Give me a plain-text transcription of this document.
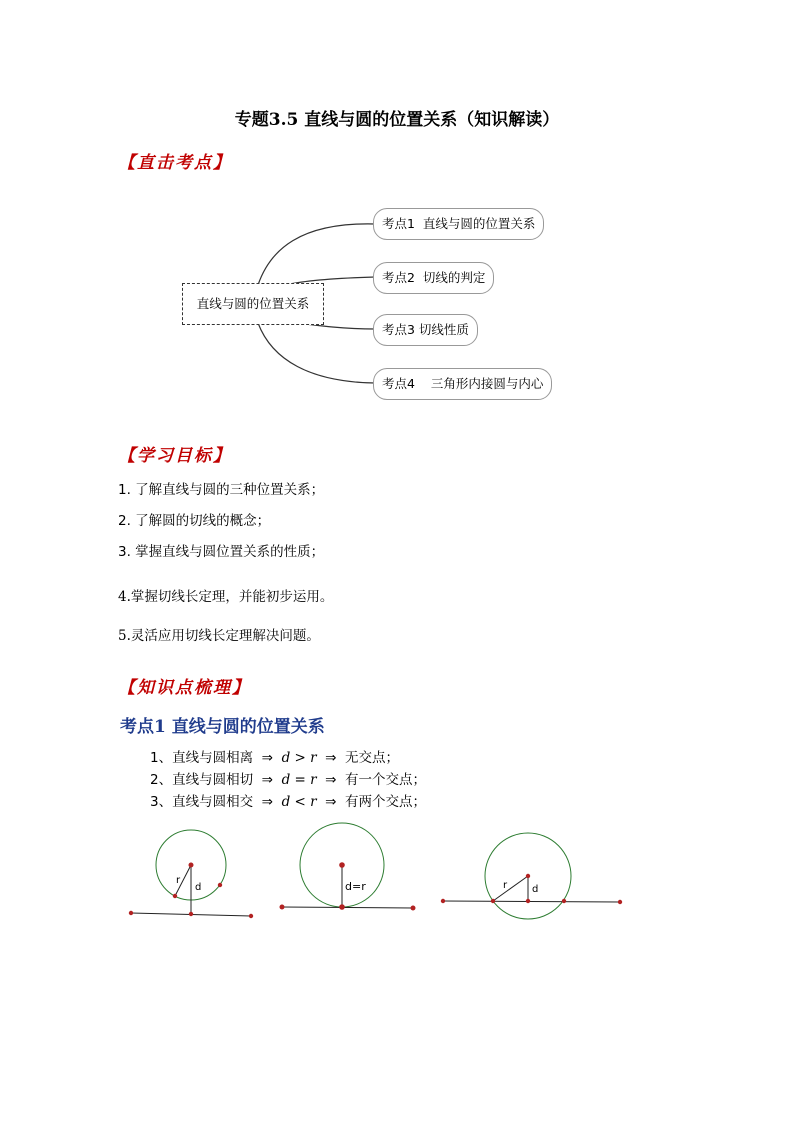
专题3.5 直线与圆的位置关系（知识解读）
【直击考点】
直线与圆的位置关系
考点1  直线与圆的位置关系
考点2  切线的判定
考点3 切线性质
考点4    三角形内接圆与内心
【学习目标】
1. 了解直线与圆的三种位置关系；
2. 了解圆的切线的概念；
3. 掌握直线与圆位置关系的性质；
4.掌握切线长定理，并能初步运用。
5.灵活应用切线长定理解决问题。
【知识点梳理】
考点1 直线与圆的位置关系
1、直线与圆相离  ⇒  d > r  ⇒  无交点；
2、直线与圆相切  ⇒  d = r  ⇒  有一个交点；
3、直线与圆相交  ⇒  d < r  ⇒  有两个交点；
r
d	d=r	r d
